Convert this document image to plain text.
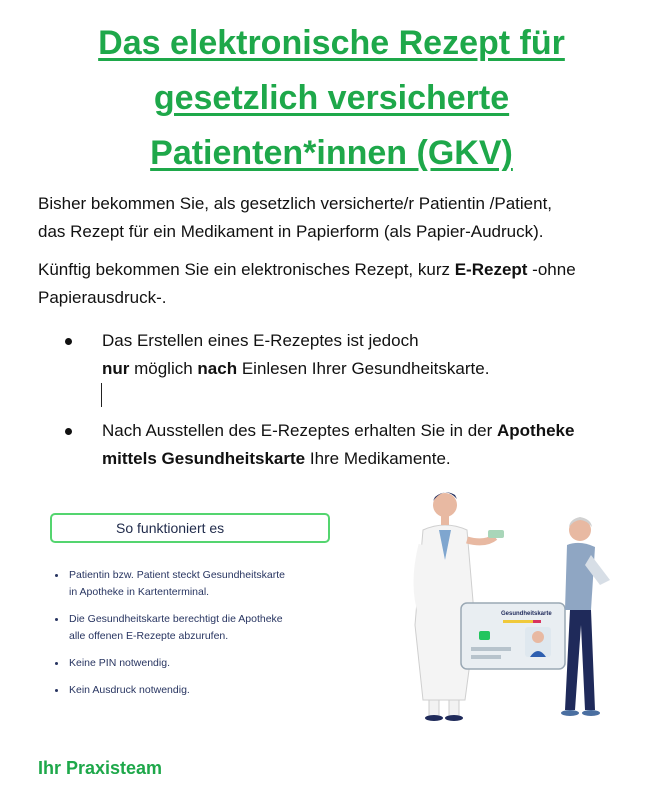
Das elektronische Rezept für
gesetzlich versicherte
Patienten*innen (GKV)
Bisher bekommen Sie, als gesetzlich versicherte/r Patientin /Patient,
das Rezept für ein Medikament in Papierform (als Papier-Audruck).
Künftig bekommen Sie ein elektronisches Rezept, kurz E-Rezept -ohne
Papierausdruck-.
Das Erstellen eines E-Rezeptes ist jedoch
nur möglich nach Einlesen Ihrer Gesundheitskarte.
Nach Ausstellen des E-Rezeptes erhalten Sie in der Apotheke
mittels Gesundheitskarte Ihre Medikamente.
So funktioniert es
Patientin bzw. Patient steckt Gesundheitskarte
in Apotheke in Kartenterminal.
Die Gesundheitskarte berechtigt die Apotheke
alle offenen E-Rezepte abzurufen.
Keine PIN notwendig.
Kein Ausdruck notwendig.
Gesundheitskarte
Ihr Praxisteam
